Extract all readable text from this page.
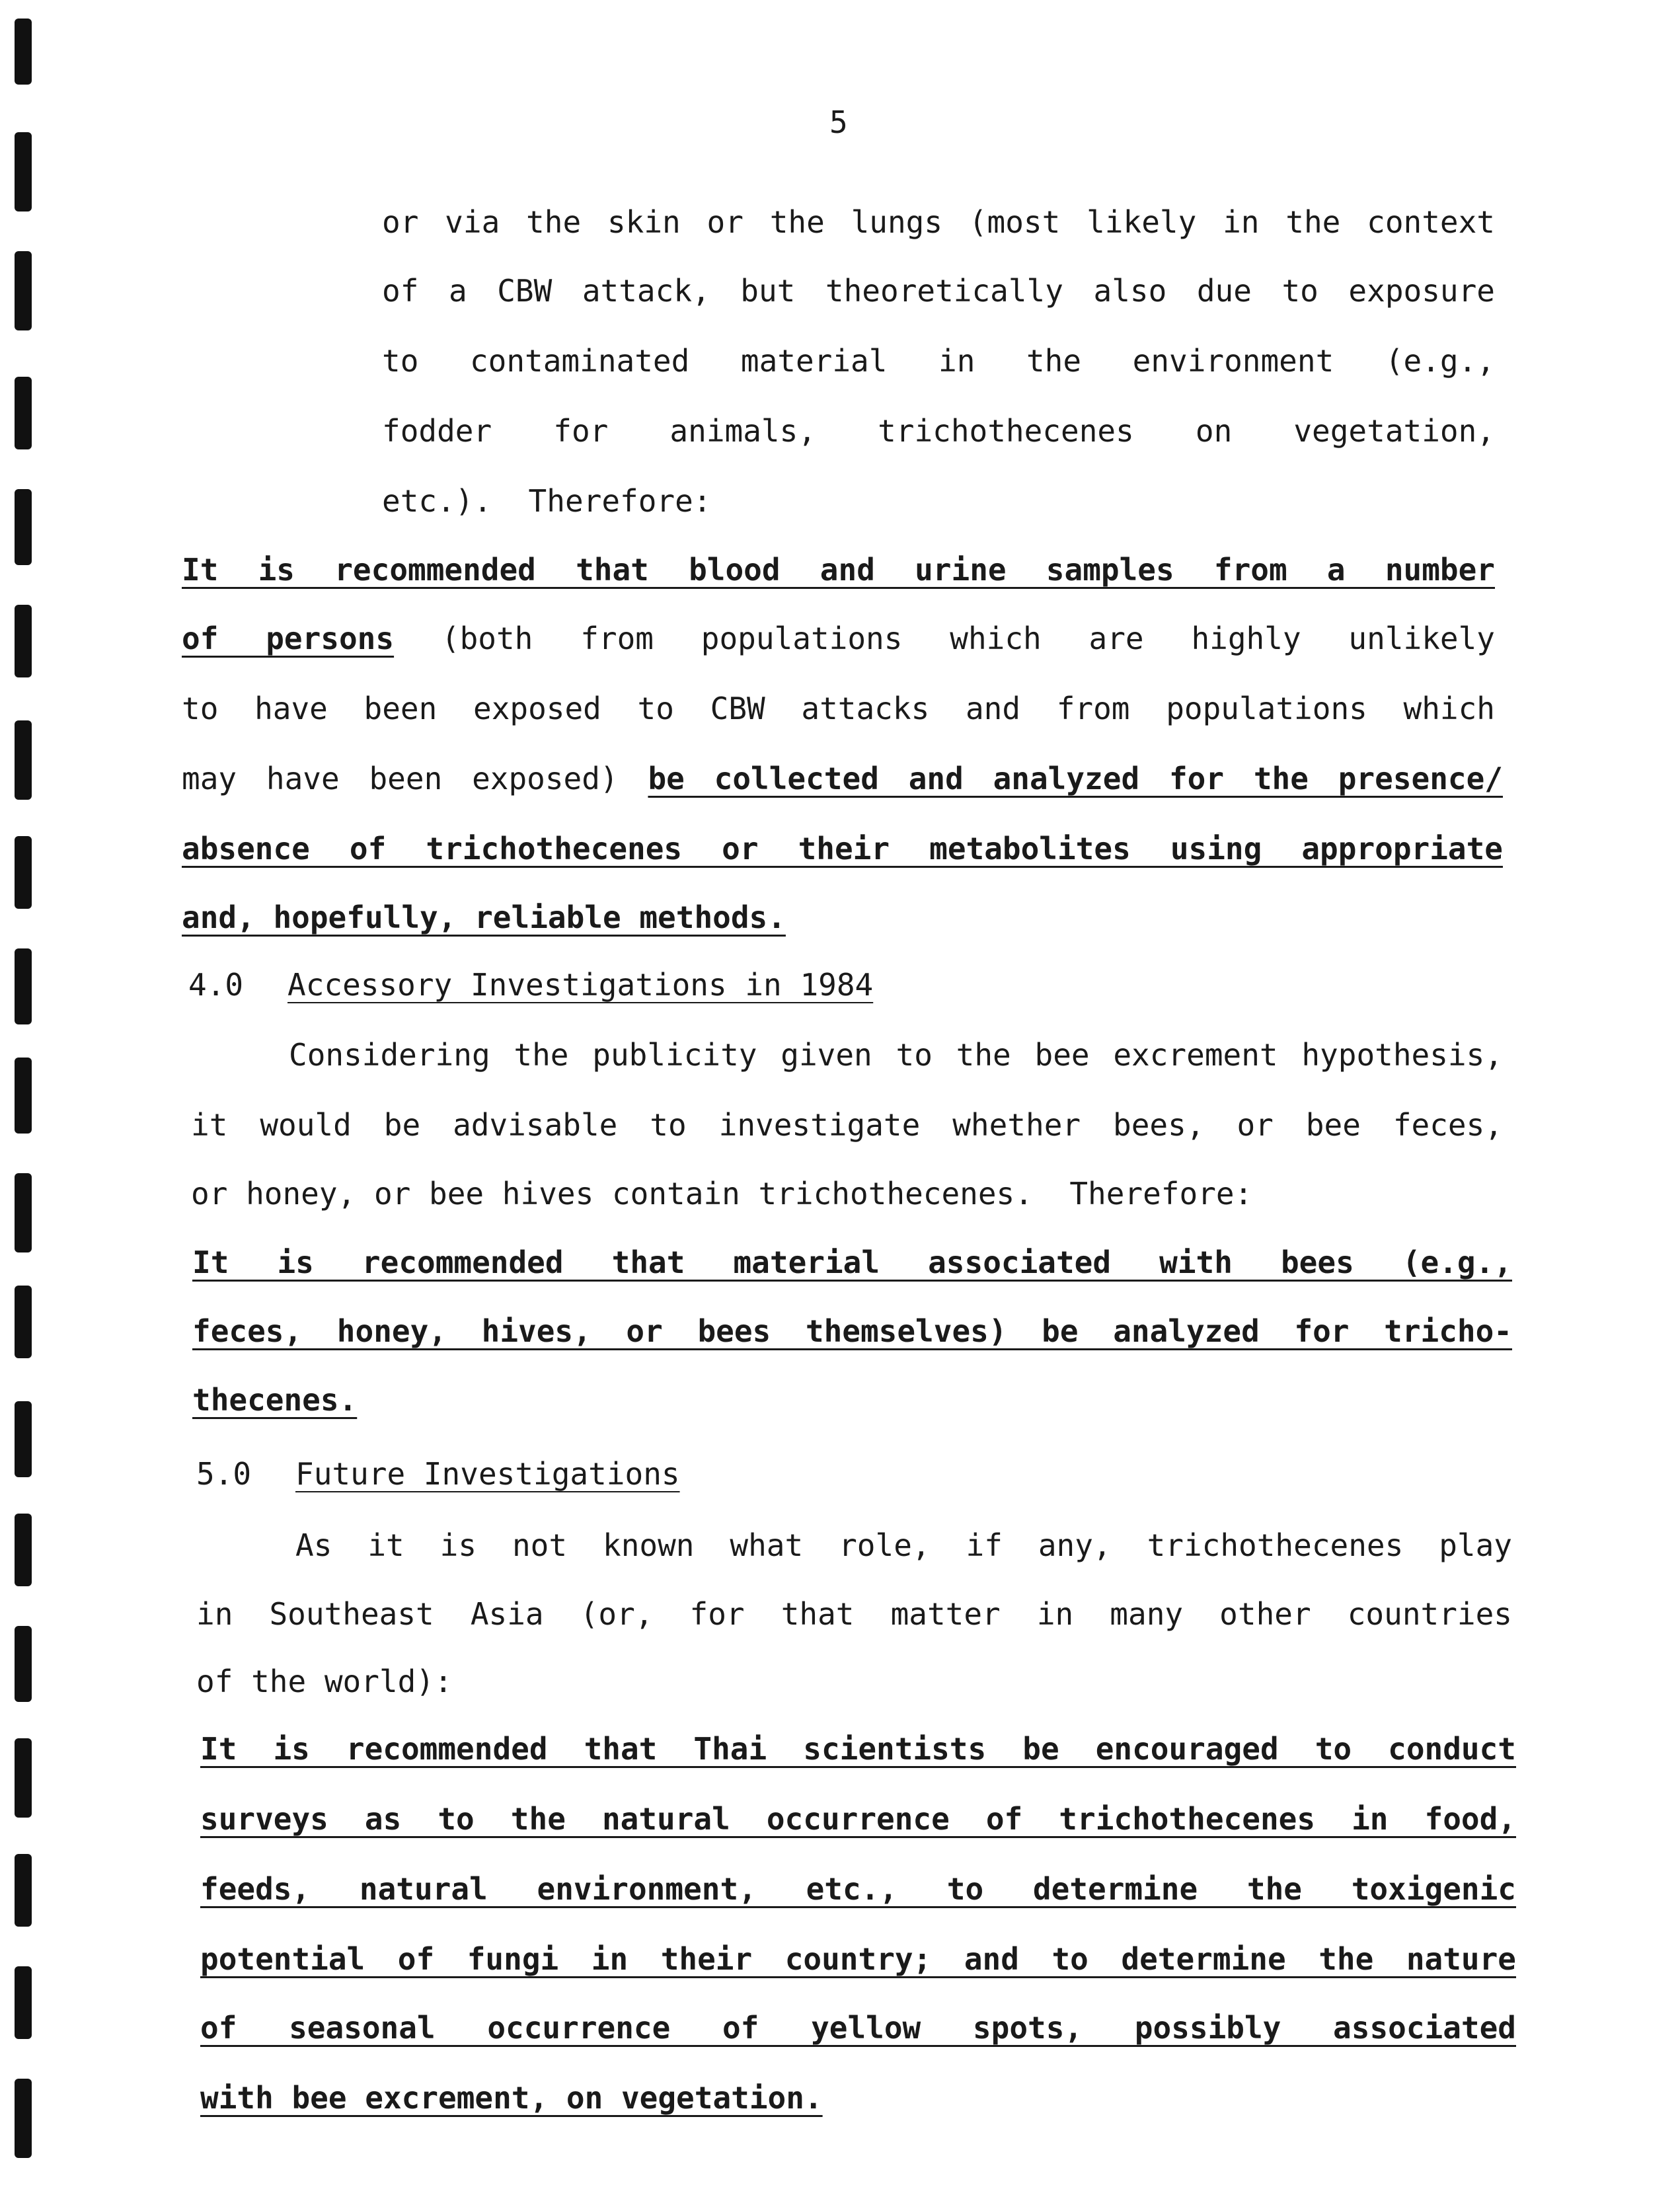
5
or via the skin or the lungs (most likely in the context
of a CBW attack, but theoretically also due to exposure
to contaminated material in the environment (e.g.,
fodder for animals, trichothecenes on vegetation,
etc.).  Therefore:
It is recommended that blood and urine samples from a number
of persons (both from populations which are highly unlikely
to have been exposed to CBW attacks and from populations which
may have been exposed) be collected and analyzed for the presence/
absence of trichothecenes or their metabolites using appropriate
and, hopefully, reliable methods.
Considering the publicity given to the bee excrement hypothesis,
it would be advisable to investigate whether bees, or bee feces,
or honey, or bee hives contain trichothecenes.  Therefore:
It is recommended that material associated with bees (e.g.,
feces, honey, hives, or bees themselves) be analyzed for tricho-
thecenes.
As it is not known what role, if any, trichothecenes play
in Southeast Asia (or, for that matter in many other countries
of the world):
It is recommended that Thai scientists be encouraged to conduct
surveys as to the natural occurrence of trichothecenes in food,
feeds, natural environment, etc., to determine the toxigenic
potential of fungi in their country; and to determine the nature
of seasonal occurrence of yellow spots, possibly associated
with bee excrement, on vegetation.
4.0 Accessory Investigations in 1984
5.0 Future Investigations
